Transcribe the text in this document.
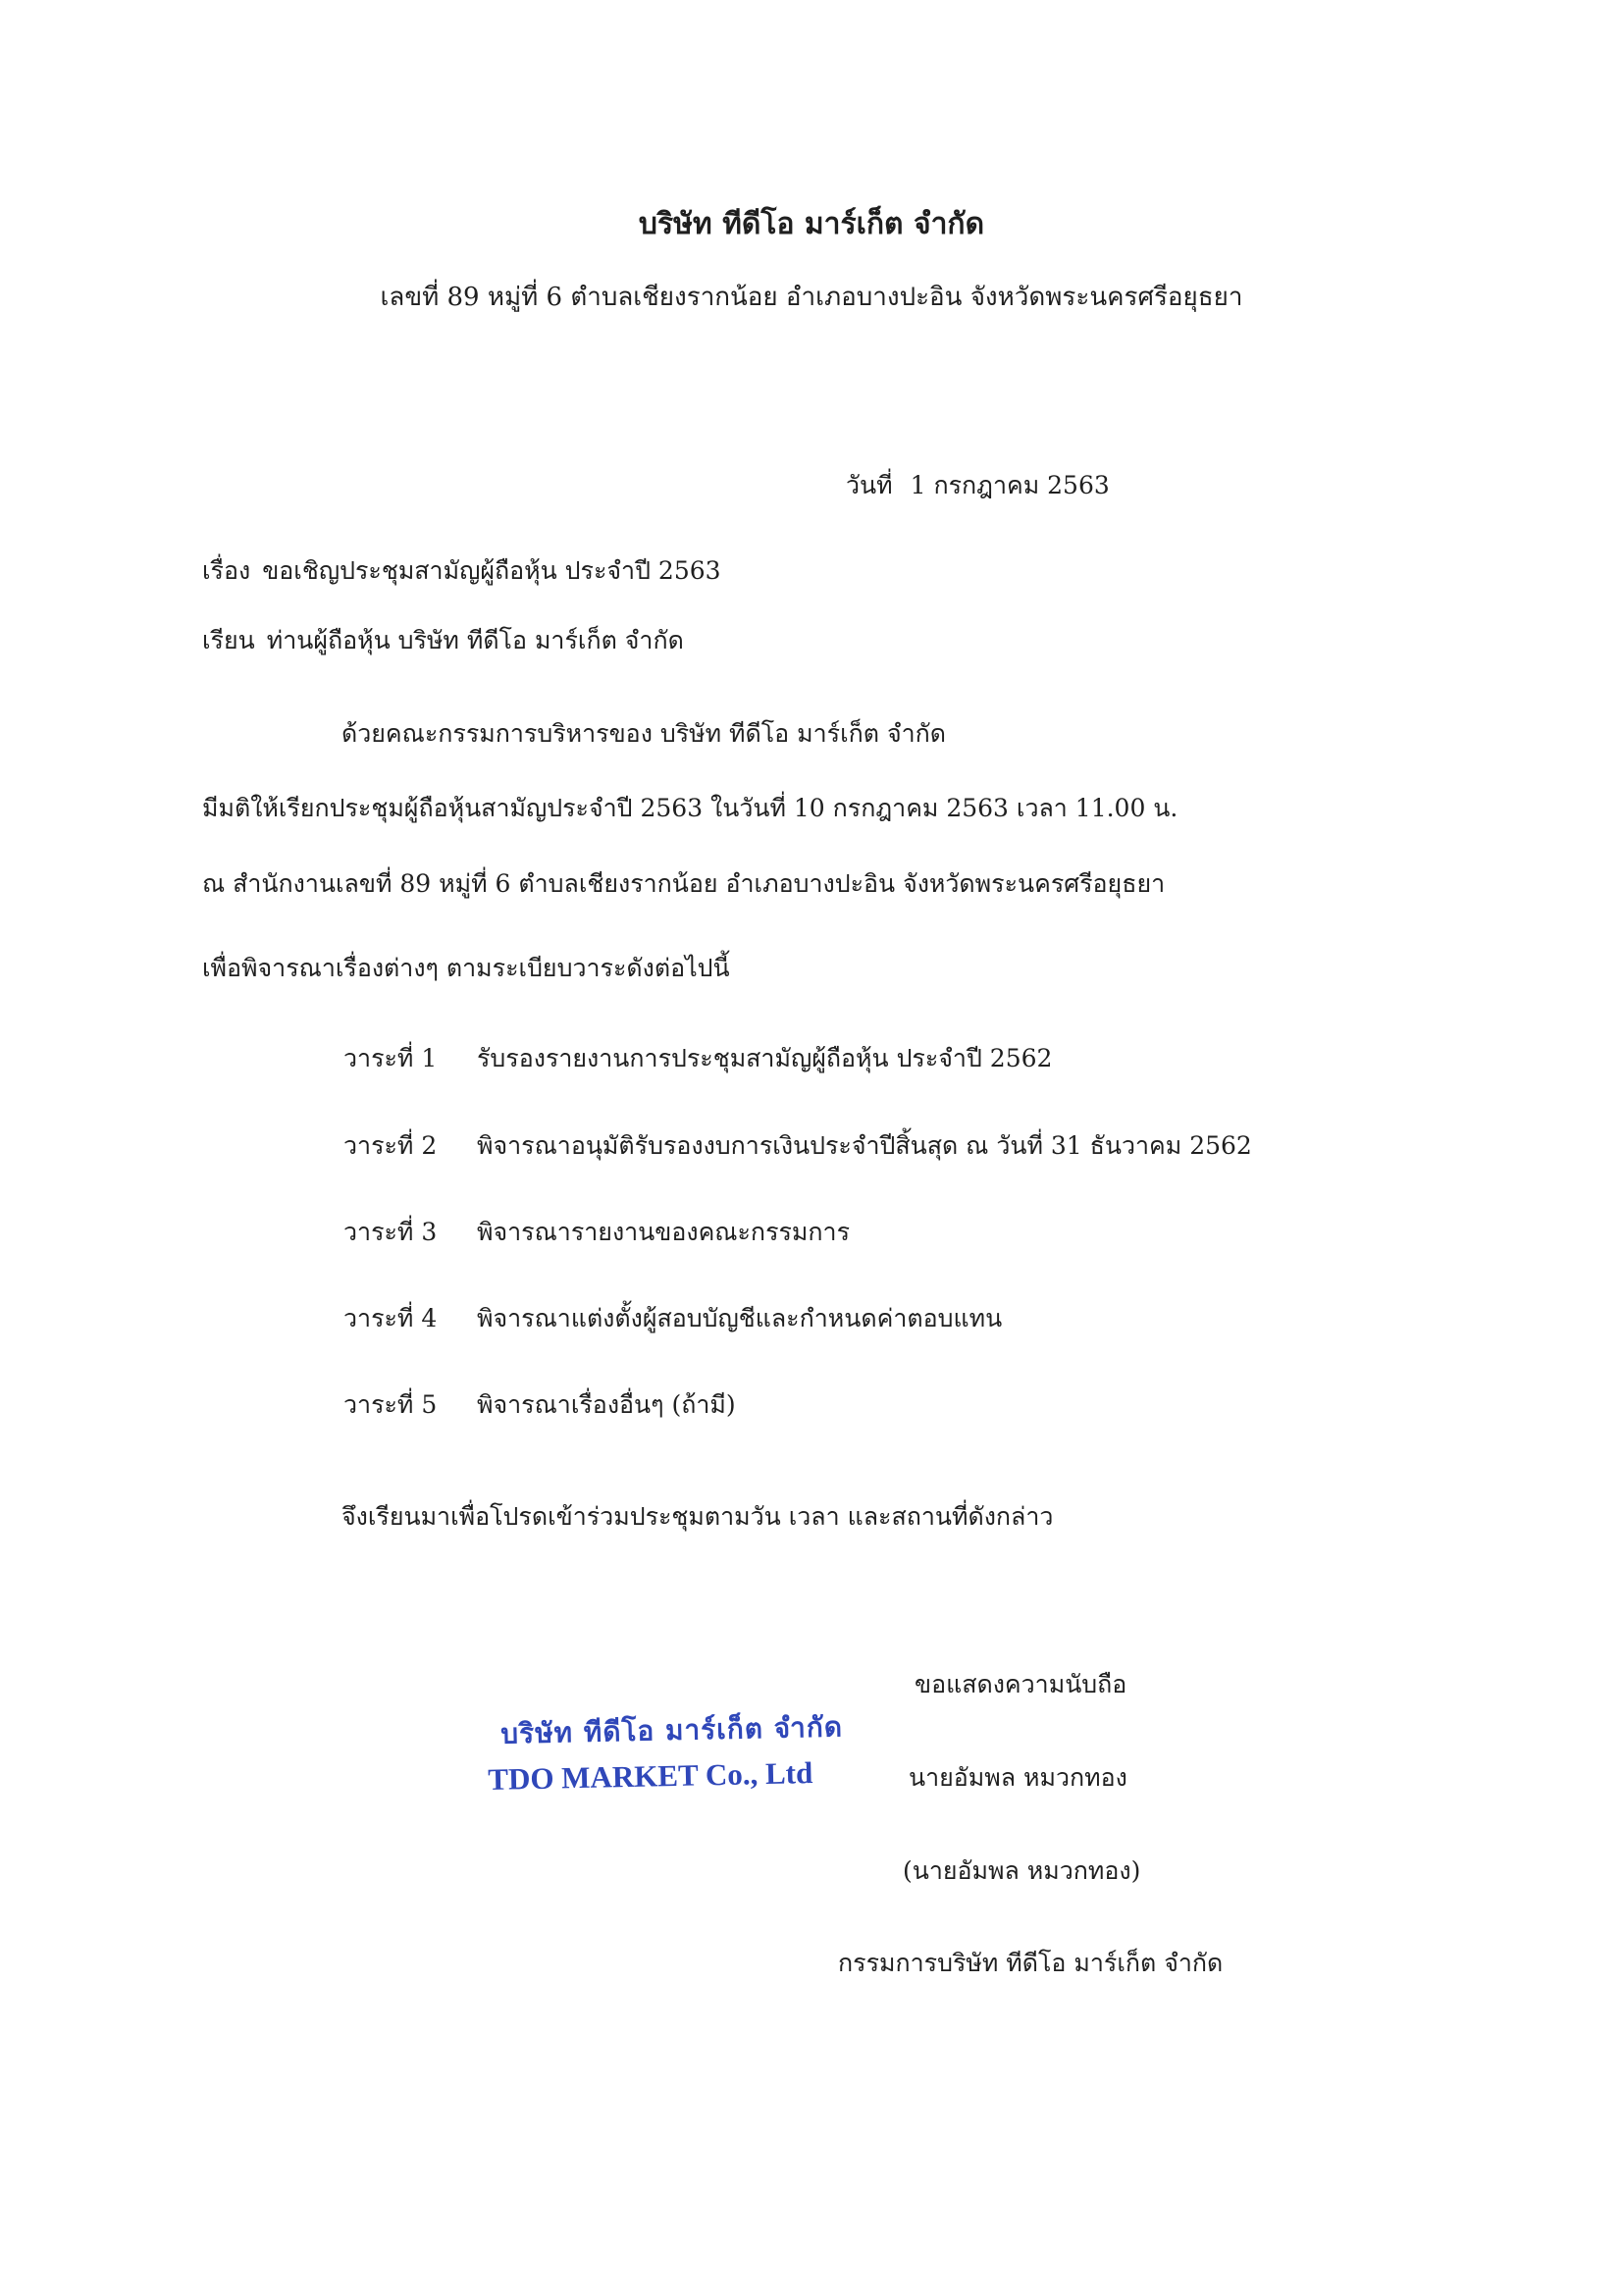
บริษัท ทีดีโอ มาร์เก็ต จำกัด
เลขที่ 89 หมู่ที่ 6 ตำบลเชียงรากน้อย อำเภอบางปะอิน จังหวัดพระนครศรีอยุธยา
วันที่ 1 กรกฎาคม 2563
เรื่อง ขอเชิญประชุมสามัญผู้ถือหุ้น ประจำปี 2563
เรียน ท่านผู้ถือหุ้น บริษัท ทีดีโอ มาร์เก็ต จำกัด
ด้วยคณะกรรมการบริหารของ บริษัท ทีดีโอ มาร์เก็ต จำกัด
มีมติให้เรียกประชุมผู้ถือหุ้นสามัญประจำปี 2563 ในวันที่ 10 กรกฎาคม 2563 เวลา 11.00 น.
ณ สำนักงานเลขที่ 89 หมู่ที่ 6 ตำบลเชียงรากน้อย อำเภอบางปะอิน จังหวัดพระนครศรีอยุธยา
เพื่อพิจารณาเรื่องต่างๆ ตามระเบียบวาระดังต่อไปนี้
วาระที่ 1 รับรองรายงานการประชุมสามัญผู้ถือหุ้น ประจำปี 2562
วาระที่ 2 พิจารณาอนุมัติรับรองงบการเงินประจำปีสิ้นสุด ณ วันที่ 31 ธันวาคม 2562
วาระที่ 3 พิจารณารายงานของคณะกรรมการ
วาระที่ 4 พิจารณาแต่งตั้งผู้สอบบัญชีและกำหนดค่าตอบแทน
วาระที่ 5 พิจารณาเรื่องอื่นๆ (ถ้ามี)
จึงเรียนมาเพื่อโปรดเข้าร่วมประชุมตามวัน เวลา และสถานที่ดังกล่าว
ขอแสดงความนับถือ
นายอัมพล หมวกทอง
(นายอัมพล หมวกทอง)
กรรมการบริษัท ทีดีโอ มาร์เก็ต จำกัด
บริษัท ทีดีโอ มาร์เก็ต จำกัด
TDO MARKET Co., Ltd
